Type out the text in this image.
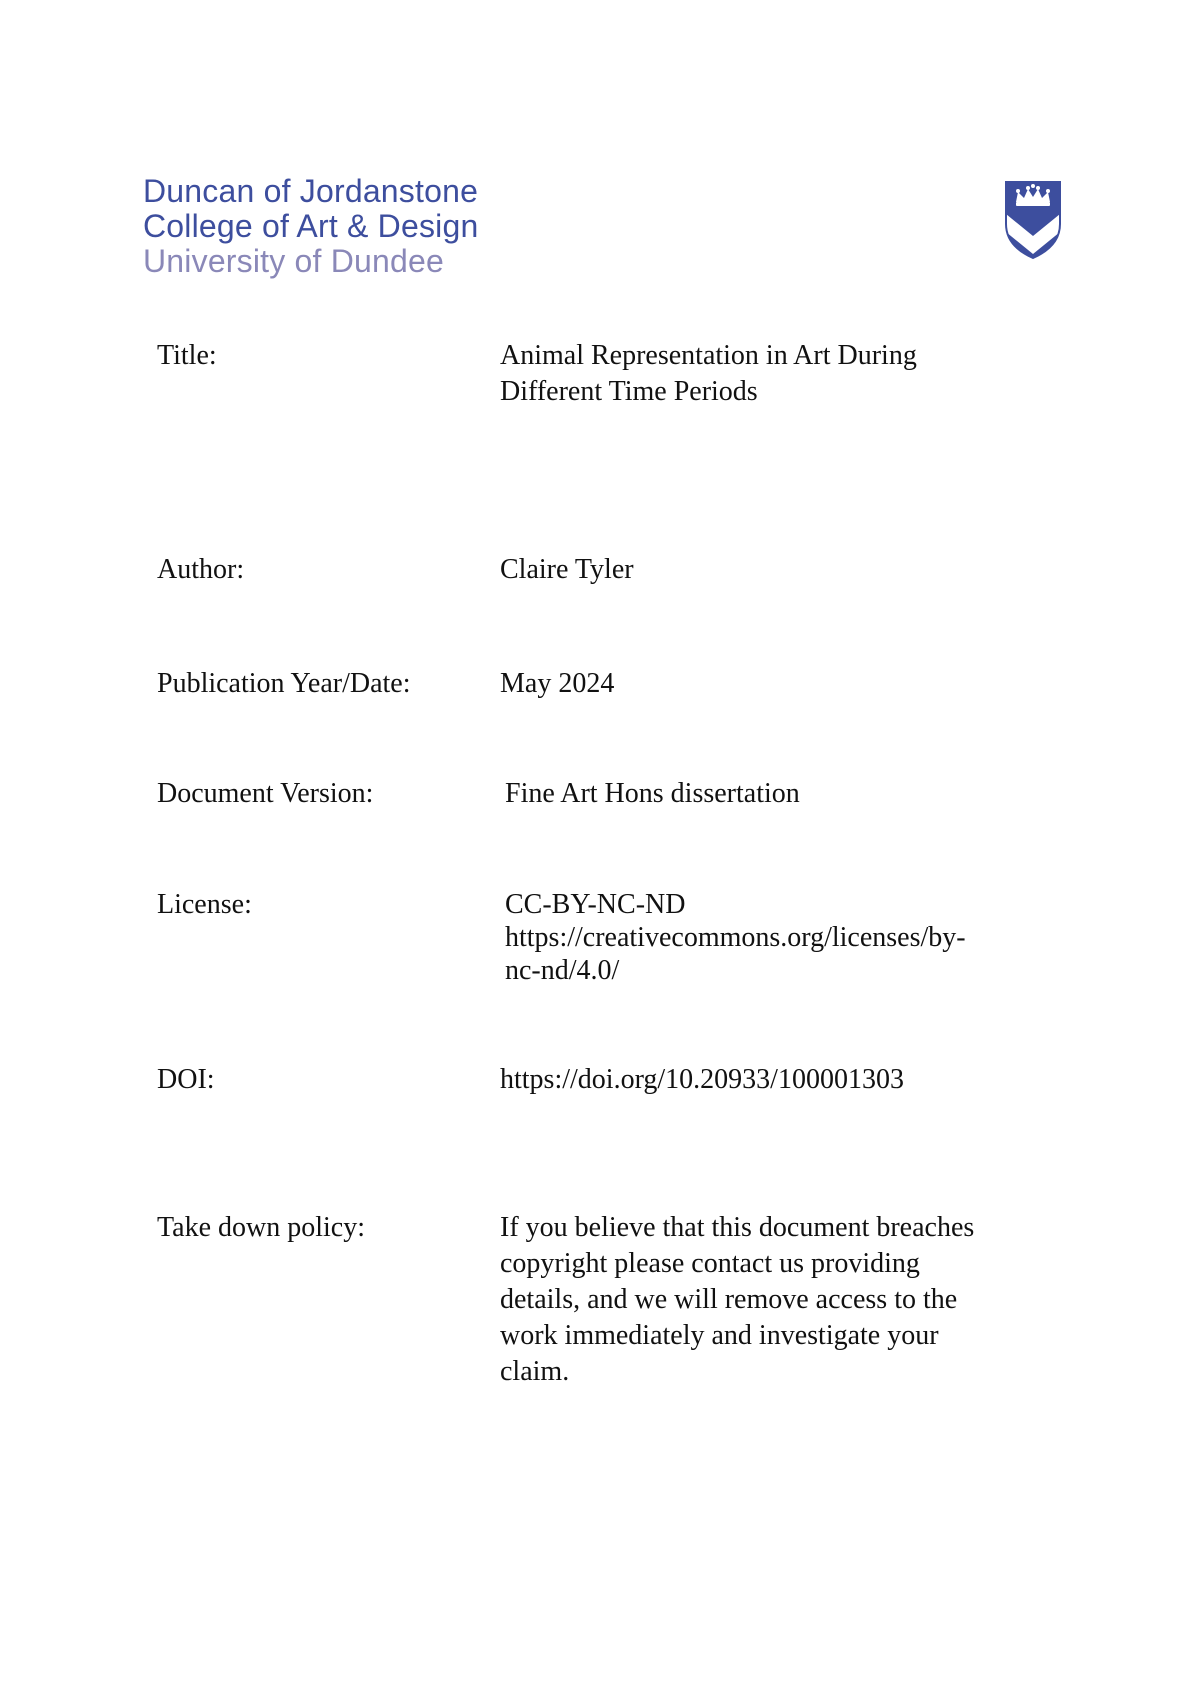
Duncan of Jordanstone
College of Art & Design
University of Dundee
Title:	Animal Representation in Art During
Different Time Periods
Author:	Claire Tyler
Publication Year/Date:	May 2024
Document Version:	Fine Art Hons dissertation
License:	CC-BY-NC-ND
https://creativecommons.org/licenses/by-
nc-nd/4.0/
DOI:	https://doi.org/10.20933/100001303
Take down policy:	If you believe that this document breaches
copyright please contact us providing
details, and we will remove access to the
work immediately and investigate your
claim.
